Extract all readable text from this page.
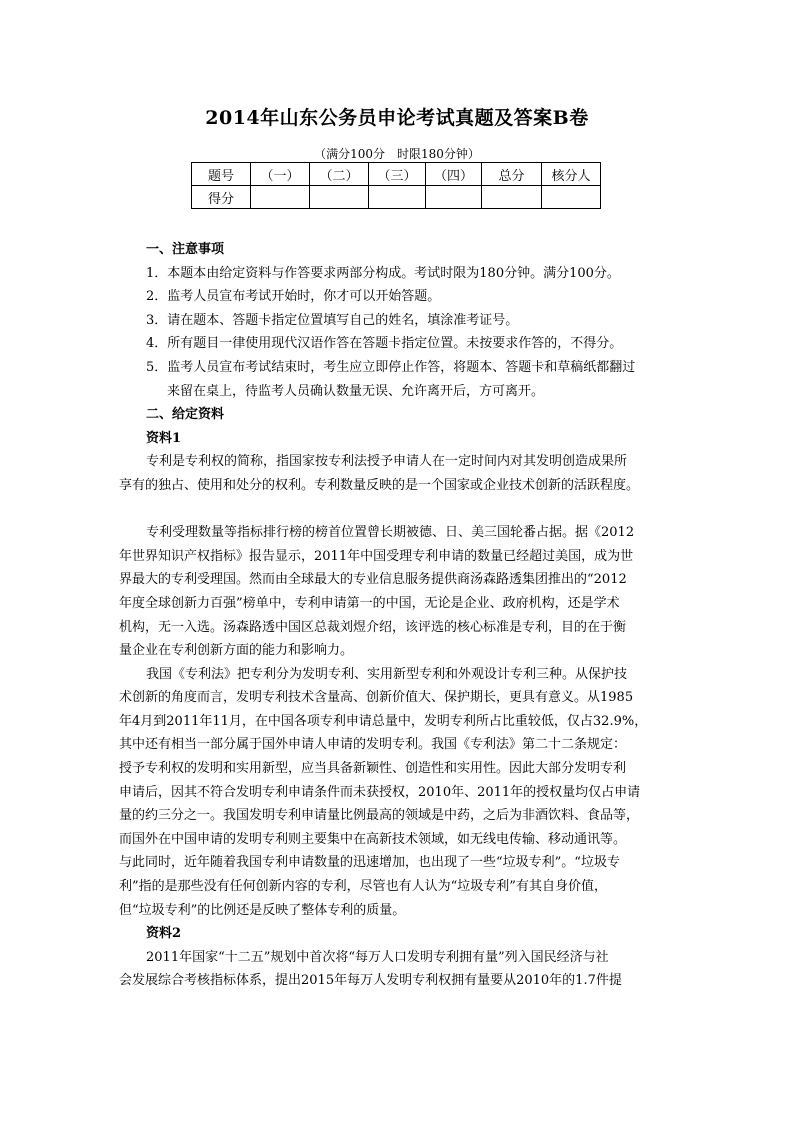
2014年山东公务员申论考试真题及答案B卷
（满分100分　时限180分钟）
题号	（一）	（二）	（三）	（四）	总分	核分人
得分						
一、注意事项
1．本题本由给定资料与作答要求两部分构成。考试时限为180分钟。满分100分。
2．监考人员宣布考试开始时，你才可以开始答题。
3．请在题本、答题卡指定位置填写自己的姓名，填涂准考证号。
4．所有题目一律使用现代汉语作答在答题卡指定位置。未按要求作答的，不得分。
5．监考人员宣布考试结束时，考生应立即停止作答，将题本、答题卡和草稿纸都翻过
来留在桌上，待监考人员确认数量无误、允许离开后，方可离开。
二、给定资料
资料1
专利是专利权的简称，指国家按专利法授予申请人在一定时间内对其发明创造成果所
享有的独占、使用和处分的权利。专利数量反映的是一个国家或企业技术创新的活跃程度。
专利受理数量等指标排行榜的榜首位置曾长期被德、日、美三国轮番占据。据《2012
年世界知识产权指标》报告显示，2011年中国受理专利申请的数量已经超过美国，成为世
界最大的专利受理国。然而由全球最大的专业信息服务提供商汤森路透集团推出的“2012
年度全球创新力百强”榜单中，专利申请第一的中国，无论是企业、政府机构，还是学术
机构，无一入选。汤森路透中国区总裁刘煜介绍，该评选的核心标准是专利，目的在于衡
量企业在专利创新方面的能力和影响力。
我国《专利法》把专利分为发明专利、实用新型专利和外观设计专利三种。从保护技
术创新的角度而言，发明专利技术含量高、创新价值大、保护期长，更具有意义。从1985
年4月到2011年11月，在中国各项专利申请总量中，发明专利所占比重较低，仅占32.9%，
其中还有相当一部分属于国外申请人申请的发明专利。我国《专利法》第二十二条规定：
授予专利权的发明和实用新型，应当具备新颖性、创造性和实用性。因此大部分发明专利
申请后，因其不符合发明专利申请条件而未获授权，2010年、2011年的授权量均仅占申请
量的约三分之一。我国发明专利申请量比例最高的领域是中药，之后为非酒饮料、食品等，
而国外在中国申请的发明专利则主要集中在高新技术领域，如无线电传输、移动通讯等。
与此同时，近年随着我国专利申请数量的迅速增加，也出现了一些“垃圾专利”。“垃圾专
利”指的是那些没有任何创新内容的专利，尽管也有人认为“垃圾专利”有其自身价值，
但“垃圾专利”的比例还是反映了整体专利的质量。
资料2
2011年国家“十二五”规划中首次将“每万人口发明专利拥有量”列入国民经济与社
会发展综合考核指标体系，提出2015年每万人发明专利权拥有量要从2010年的1.7件提
